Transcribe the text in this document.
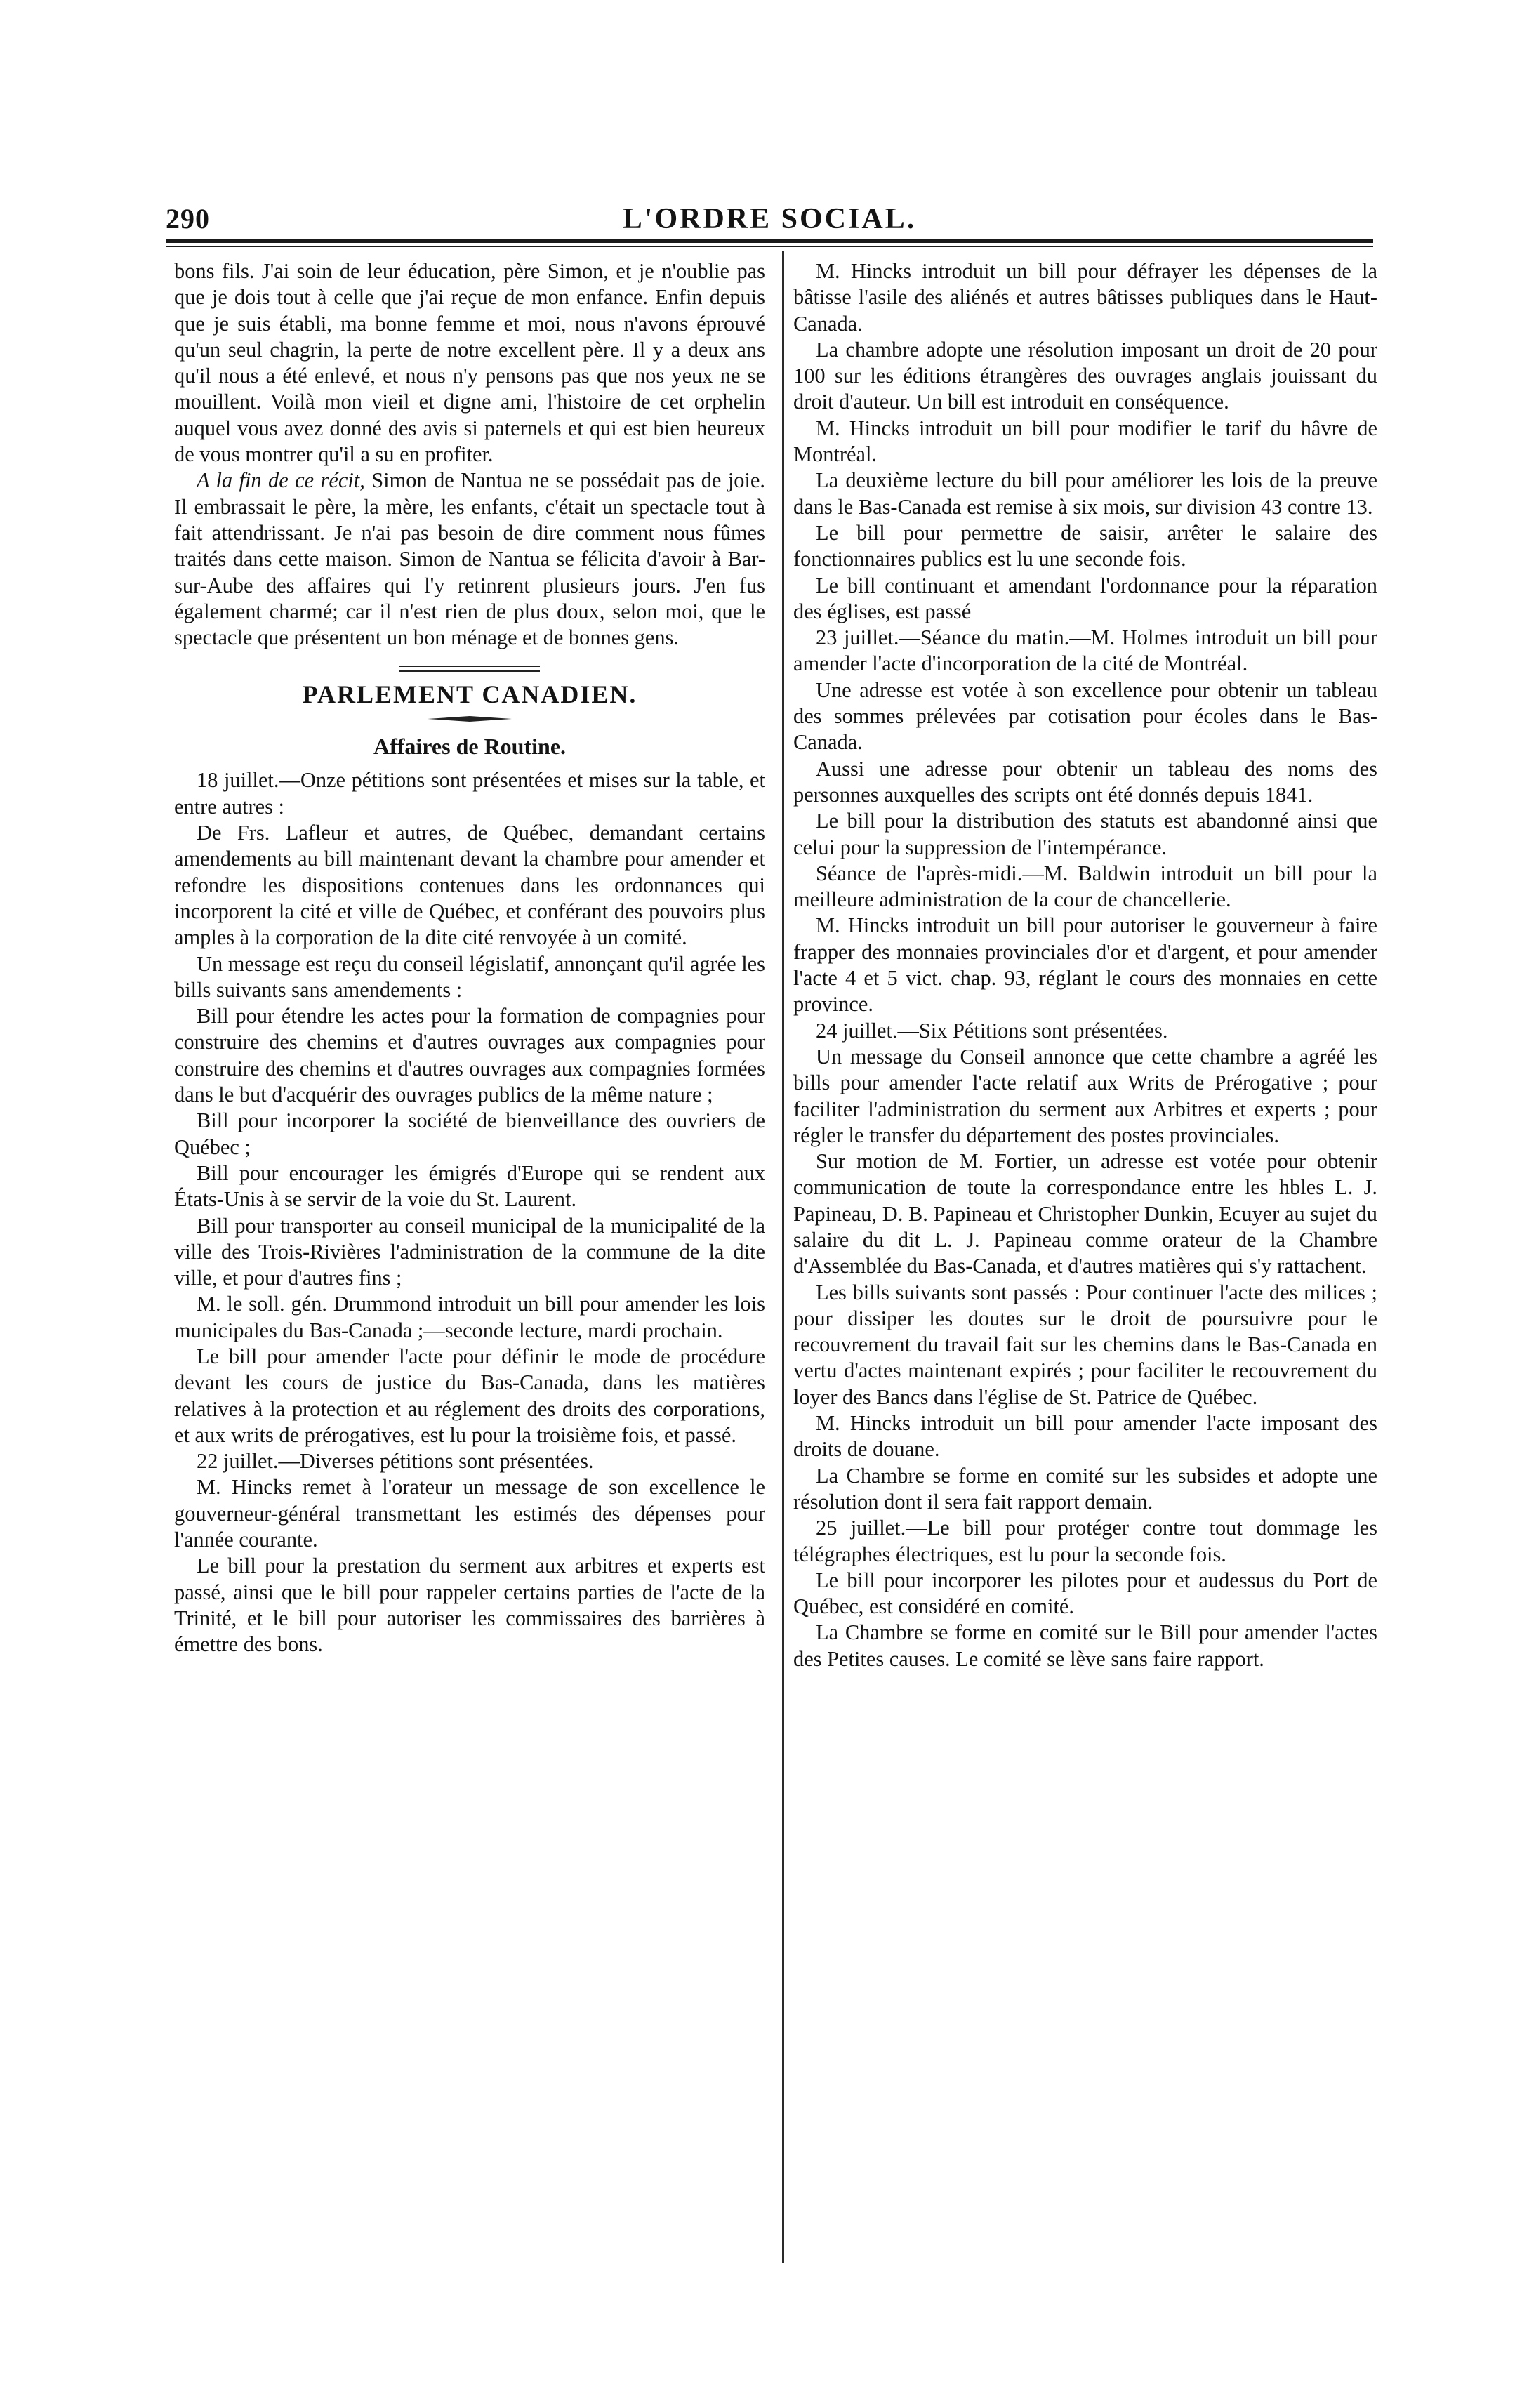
290	L'ORDRE SOCIAL.

bons fils. J'ai soin de leur éducation, père Simon, et je n'oublie pas que je dois tout à celle que j'ai reçue de mon enfance. Enfin depuis que je suis établi, ma bonne femme et moi, nous n'avons éprouvé qu'un seul chagrin, la perte de notre excellent père. Il y a deux ans qu'il nous a été enlevé, et nous n'y pensons pas que nos yeux ne se mouillent. Voilà mon vieil et digne ami, l'histoire de cet orphelin auquel vous avez donné des avis si paternels et qui est bien heureux de vous montrer qu'il a su en profiter.

A la fin de ce récit, Simon de Nantua ne se possédait pas de joie. Il embrassait le père, la mère, les enfants, c'était un spectacle tout à fait attendrissant. Je n'ai pas besoin de dire comment nous fûmes traités dans cette maison. Simon de Nantua se félicita d'avoir à Bar-sur-Aube des affaires qui l'y retinrent plusieurs jours. J'en fus également charmé; car il n'est rien de plus doux, selon moi, que le spectacle que présentent un bon ménage et de bonnes gens.

PARLEMENT CANADIEN.
Affaires de Routine.

18 juillet.—Onze pétitions sont présentées et mises sur la table, et entre autres :

De Frs. Lafleur et autres, de Québec, demandant certains amendements au bill maintenant devant la chambre pour amender et refondre les dispositions contenues dans les ordonnances qui incorporent la cité et ville de Québec, et conférant des pouvoirs plus amples à la corporation de la dite cité renvoyée à un comité.

Un message est reçu du conseil législatif, annonçant qu'il agrée les bills suivants sans amendements :

Bill pour étendre les actes pour la formation de compagnies pour construire des chemins et d'autres ouvrages aux compagnies pour construire des chemins et d'autres ouvrages aux compagnies formées dans le but d'acquérir des ouvrages publics de la même nature ;

Bill pour incorporer la société de bienveillance des ouvriers de Québec ;

Bill pour encourager les émigrés d'Europe qui se rendent aux États-Unis à se servir de la voie du St. Laurent.

Bill pour transporter au conseil municipal de la municipalité de la ville des Trois-Rivières l'administration de la commune de la dite ville, et pour d'autres fins ;

M. le soll. gén. Drummond introduit un bill pour amender les lois municipales du Bas-Canada ;—seconde lecture, mardi prochain.

Le bill pour amender l'acte pour définir le mode de procédure devant les cours de justice du Bas-Canada, dans les matières relatives à la protection et au réglement des droits des corporations, et aux writs de prérogatives, est lu pour la troisième fois, et passé.

22 juillet.—Diverses pétitions sont présentées.

M. Hincks remet à l'orateur un message de son excellence le gouverneur-général transmettant les estimés des dépenses pour l'année courante.

Le bill pour la prestation du serment aux arbitres et experts est passé, ainsi que le bill pour rappeler certains parties de l'acte de la Trinité, et le bill pour autoriser les commissaires des barrières à émettre des bons.

M. Hincks introduit un bill pour défrayer les dépenses de la bâtisse l'asile des aliénés et autres bâtisses publiques dans le Haut-Canada.

La chambre adopte une résolution imposant un droit de 20 pour 100 sur les éditions étrangères des ouvrages anglais jouissant du droit d'auteur. Un bill est introduit en conséquence.

M. Hincks introduit un bill pour modifier le tarif du hâvre de Montréal.

La deuxième lecture du bill pour améliorer les lois de la preuve dans le Bas-Canada est remise à six mois, sur division 43 contre 13.

Le bill pour permettre de saisir, arrêter le salaire des fonctionnaires publics est lu une seconde fois.

Le bill continuant et amendant l'ordonnance pour la réparation des églises, est passé

23 juillet.—Séance du matin.—M. Holmes introduit un bill pour amender l'acte d'incorporation de la cité de Montréal.

Une adresse est votée à son excellence pour obtenir un tableau des sommes prélevées par cotisation pour écoles dans le Bas-Canada.

Aussi une adresse pour obtenir un tableau des noms des personnes auxquelles des scripts ont été donnés depuis 1841.

Le bill pour la distribution des statuts est abandonné ainsi que celui pour la suppression de l'intempérance.

Séance de l'après-midi.—M. Baldwin introduit un bill pour la meilleure administration de la cour de chancellerie.

M. Hincks introduit un bill pour autoriser le gouverneur à faire frapper des monnaies provinciales d'or et d'argent, et pour amender l'acte 4 et 5 vict. chap. 93, réglant le cours des monnaies en cette province.

24 juillet.—Six Pétitions sont présentées.

Un message du Conseil annonce que cette chambre a agréé les bills pour amender l'acte relatif aux Writs de Prérogative ; pour faciliter l'administration du serment aux Arbitres et experts ; pour régler le transfer du département des postes provinciales.

Sur motion de M. Fortier, un adresse est votée pour obtenir communication de toute la correspondance entre les hbles L. J. Papineau, D. B. Papineau et Christopher Dunkin, Ecuyer au sujet du salaire du dit L. J. Papineau comme orateur de la Chambre d'Assemblée du Bas-Canada, et d'autres matières qui s'y rattachent.

Les bills suivants sont passés : Pour continuer l'acte des milices ; pour dissiper les doutes sur le droit de poursuivre pour le recouvrement du travail fait sur les chemins dans le Bas-Canada en vertu d'actes maintenant expirés ; pour faciliter le recouvrement du loyer des Bancs dans l'église de St. Patrice de Québec.

M. Hincks introduit un bill pour amender l'acte imposant des droits de douane.

La Chambre se forme en comité sur les subsides et adopte une résolution dont il sera fait rapport demain.

25 juillet.—Le bill pour protéger contre tout dommage les télégraphes électriques, est lu pour la seconde fois.

Le bill pour incorporer les pilotes pour et audessus du Port de Québec, est considéré en comité.

La Chambre se forme en comité sur le Bill pour amender l'actes des Petites causes. Le comité se lève sans faire rapport.
